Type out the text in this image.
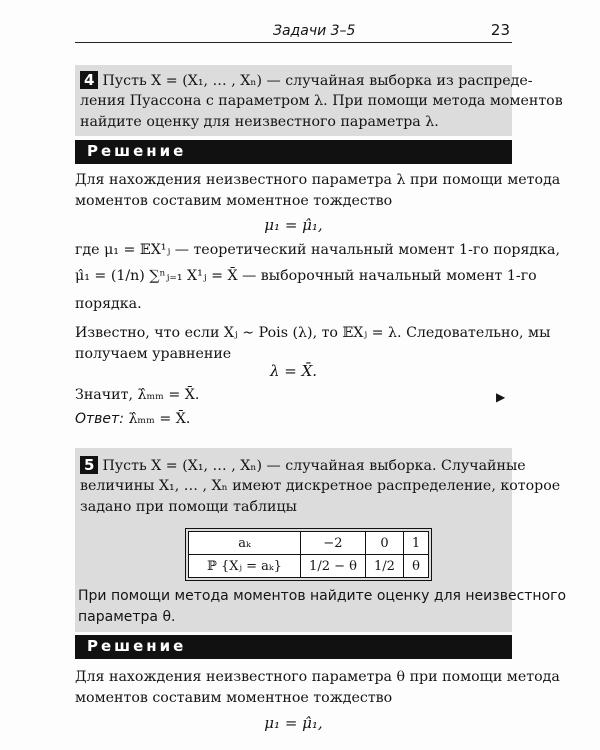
Задачи 3–5	23
4 Пусть X = (X₁, … , Xₙ) — случайная выборка из распреде-
ления Пуассона с параметром λ. При помощи метода моментов
найдите оценку для неизвестного параметра λ.
Решение
Для нахождения неизвестного параметра λ при помощи метода
моментов составим моментное тождество
μ₁ = μ̂₁,
где μ₁ = 𝔼X¹ⱼ — теоретический начальный момент 1-го порядка,
μ̂₁ = (1/n) ∑ⁿⱼ₌₁ X¹ⱼ = X̄ — выборочный начальный момент 1-го
порядка.
Известно, что если Xⱼ ∼ Pois (λ), то 𝔼Xⱼ = λ. Следовательно, мы
получаем уравнение
λ = X̄.
Значит, λ̂ₘₘ = X̄.	▶
Ответ: λ̂ₘₘ = X̄.
5 Пусть X = (X₁, … , Xₙ) — случайная выборка. Случайные
величины X₁, … , Xₙ имеют дискретное распределение, которое
задано при помощи таблицы
aₖ	−2	0	1
ℙ {Xⱼ = aₖ}	1/2 − θ	1/2	θ
При помощи метода моментов найдите оценку для неизвестного
параметра θ.
Решение
Для нахождения неизвестного параметра θ при помощи метода
моментов составим моментное тождество
μ₁ = μ̂₁,
